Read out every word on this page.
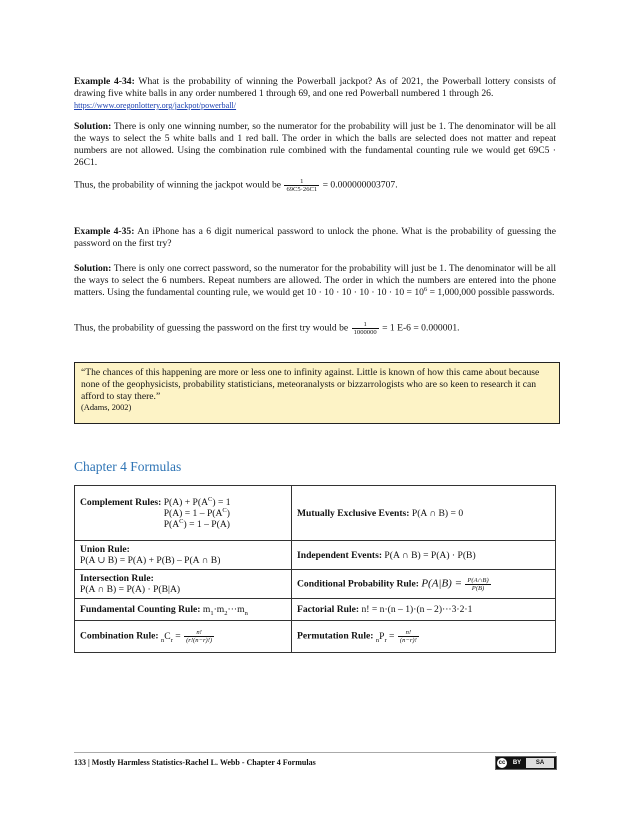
Example 4-34: What is the probability of winning the Powerball jackpot? As of 2021, the Powerball lottery consists of drawing five white balls in any order numbered 1 through 69, and one red Powerball numbered 1 through 26.
https://www.oregonlottery.org/jackpot/powerball/
Solution: There is only one winning number, so the numerator for the probability will just be 1. The denominator will be all the ways to select the 5 white balls and 1 red ball. The order in which the balls are selected does not matter and repeat numbers are not allowed. Using the combination rule combined with the fundamental counting rule we would get 69C5 · 26C1.
Thus, the probability of winning the jackpot would be $\frac{1}{69C5\cdot 26C1} = 0.000000003707$.
Example 4-35: An iPhone has a 6 digit numerical password to unlock the phone. What is the probability of guessing the password on the first try?
Solution: There is only one correct password, so the numerator for the probability will just be 1. The denominator will be all the ways to select the 6 numbers. Repeat numbers are allowed. The order in which the numbers are entered into the phone matters. Using the fundamental counting rule, we would get $10 \cdot 10 \cdot 10 \cdot 10 \cdot 10 \cdot 10 = 10^6 = 1,000,000$ possible passwords.
Thus, the probability of guessing the password on the first try would be $\frac{1}{1000000} = 1$ E-6 = 0.000001.
“The chances of this happening are more or less one to infinity against. Little is known of how this came about because none of the geophysicists, probability statisticians, meteoranalysts or bizzarrologists who are so keen to research it can afford to stay there.”
(Adams, 2002)
Chapter 4 Formulas
Complement Rules: $P(A) + P(A^C) = 1$
$P(A) = 1 - P(A^C)$
$P(A^C) = 1 - P(A)$	Mutually Exclusive Events: P(A ∩ B) = 0
Union Rule:
P(A ∪ B) = P(A) + P(B) – P(A ∩ B)	Independent Events: P(A ∩ B) = P(A) · P(B)
Intersection Rule:
P(A ∩ B) = P(A) · P(B|A)	Conditional Probability Rule: $P(A|B) = \frac{P(A\cap B)}{P(B)}$

Fundamental Counting Rule: $m_1\cdot m_2\cdot\cdot\cdot m_n$	Factorial Rule: n! = n·(n – 1)·(n – 2)···3·2·1
Combination Rule: $_nC_r = \frac{n!}{(r!(n-r)!)}$	Permutation Rule: $_nP_r = \frac{n!}{(n-r)!}$
133 | Mostly Harmless Statistics-Rachel L. Webb - Chapter 4 Formulas	cc	BY	SA
